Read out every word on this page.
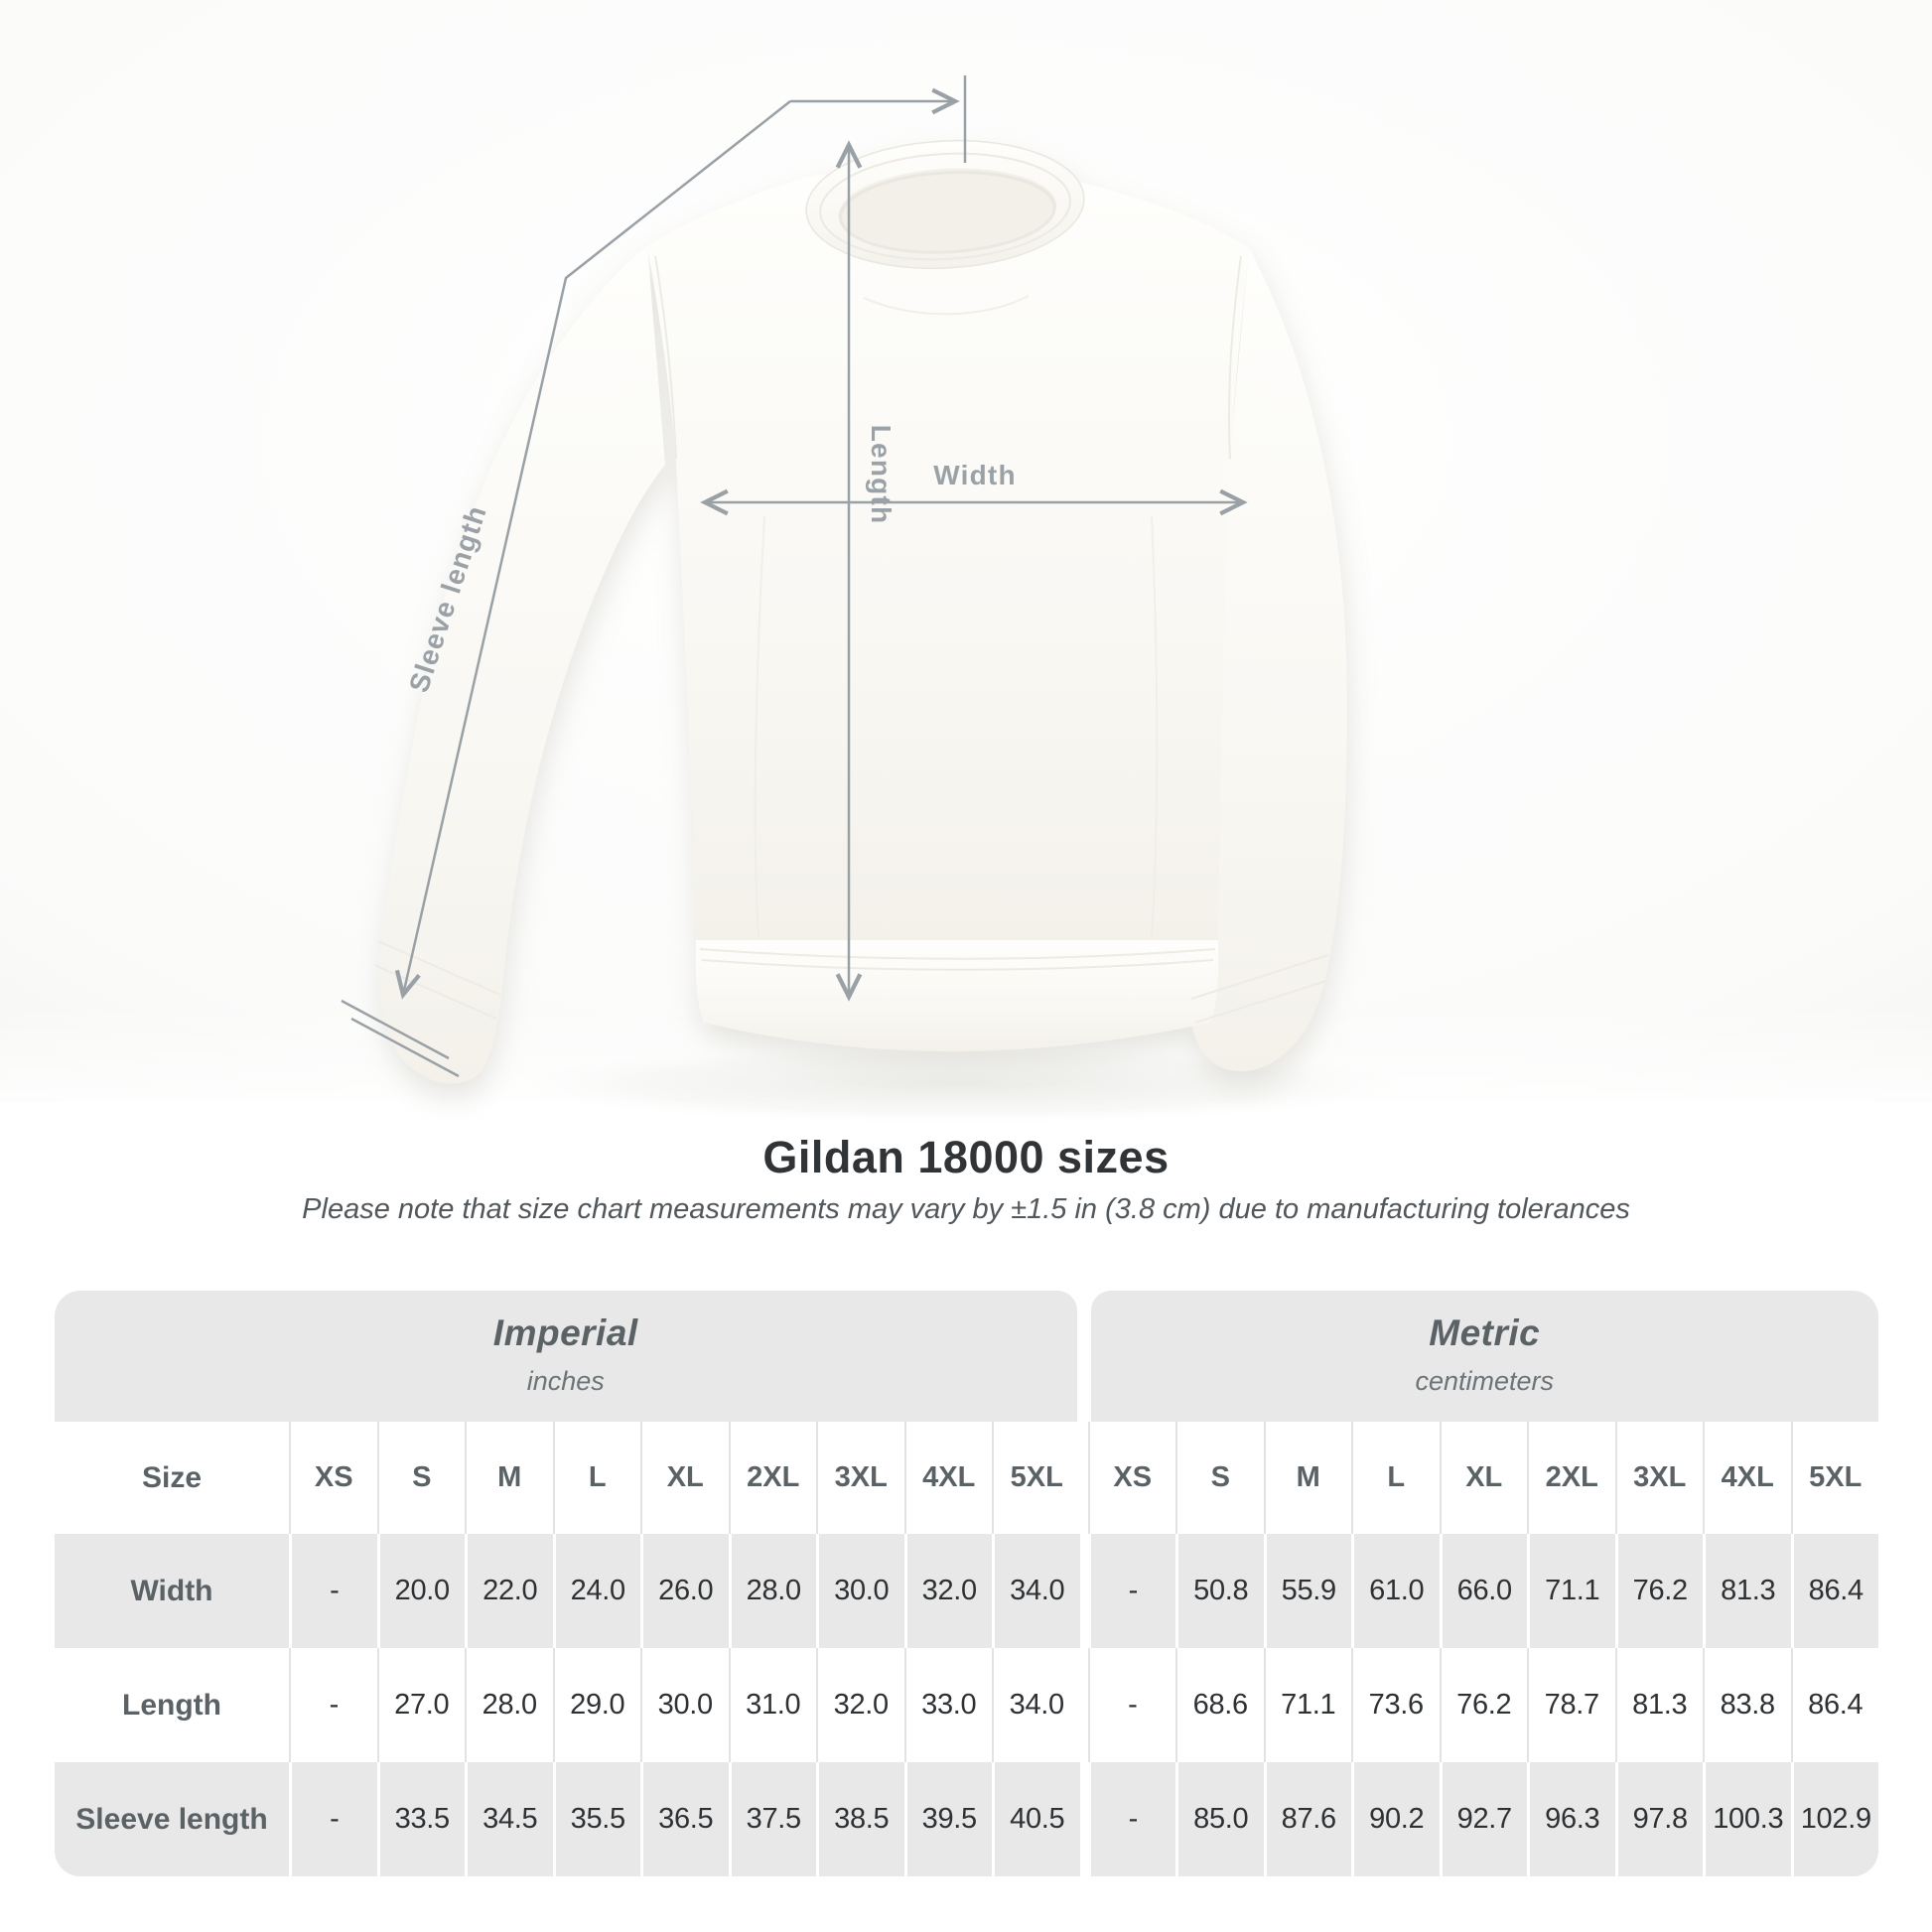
Width
Length
Sleeve length
Gildan 18000 sizes
Please note that size chart measurements may vary by ±1.5 in (3.8 cm) due to manufacturing tolerances
Imperial
inches
Metric
centimeters
Size	XS	S	M	L	XL	2XL	3XL	4XL	5XL	XS	S	M	L	XL	2XL	3XL	4XL	5XL
Width	-	20.0	22.0	24.0	26.0	28.0	30.0	32.0	34.0	-	50.8	55.9	61.0	66.0	71.1	76.2	81.3	86.4
Length	-	27.0	28.0	29.0	30.0	31.0	32.0	33.0	34.0	-	68.6	71.1	73.6	76.2	78.7	81.3	83.8	86.4
Sleeve length	-	33.5	34.5	35.5	36.5	37.5	38.5	39.5	40.5	-	85.0	87.6	90.2	92.7	96.3	97.8 100.3 102.9
